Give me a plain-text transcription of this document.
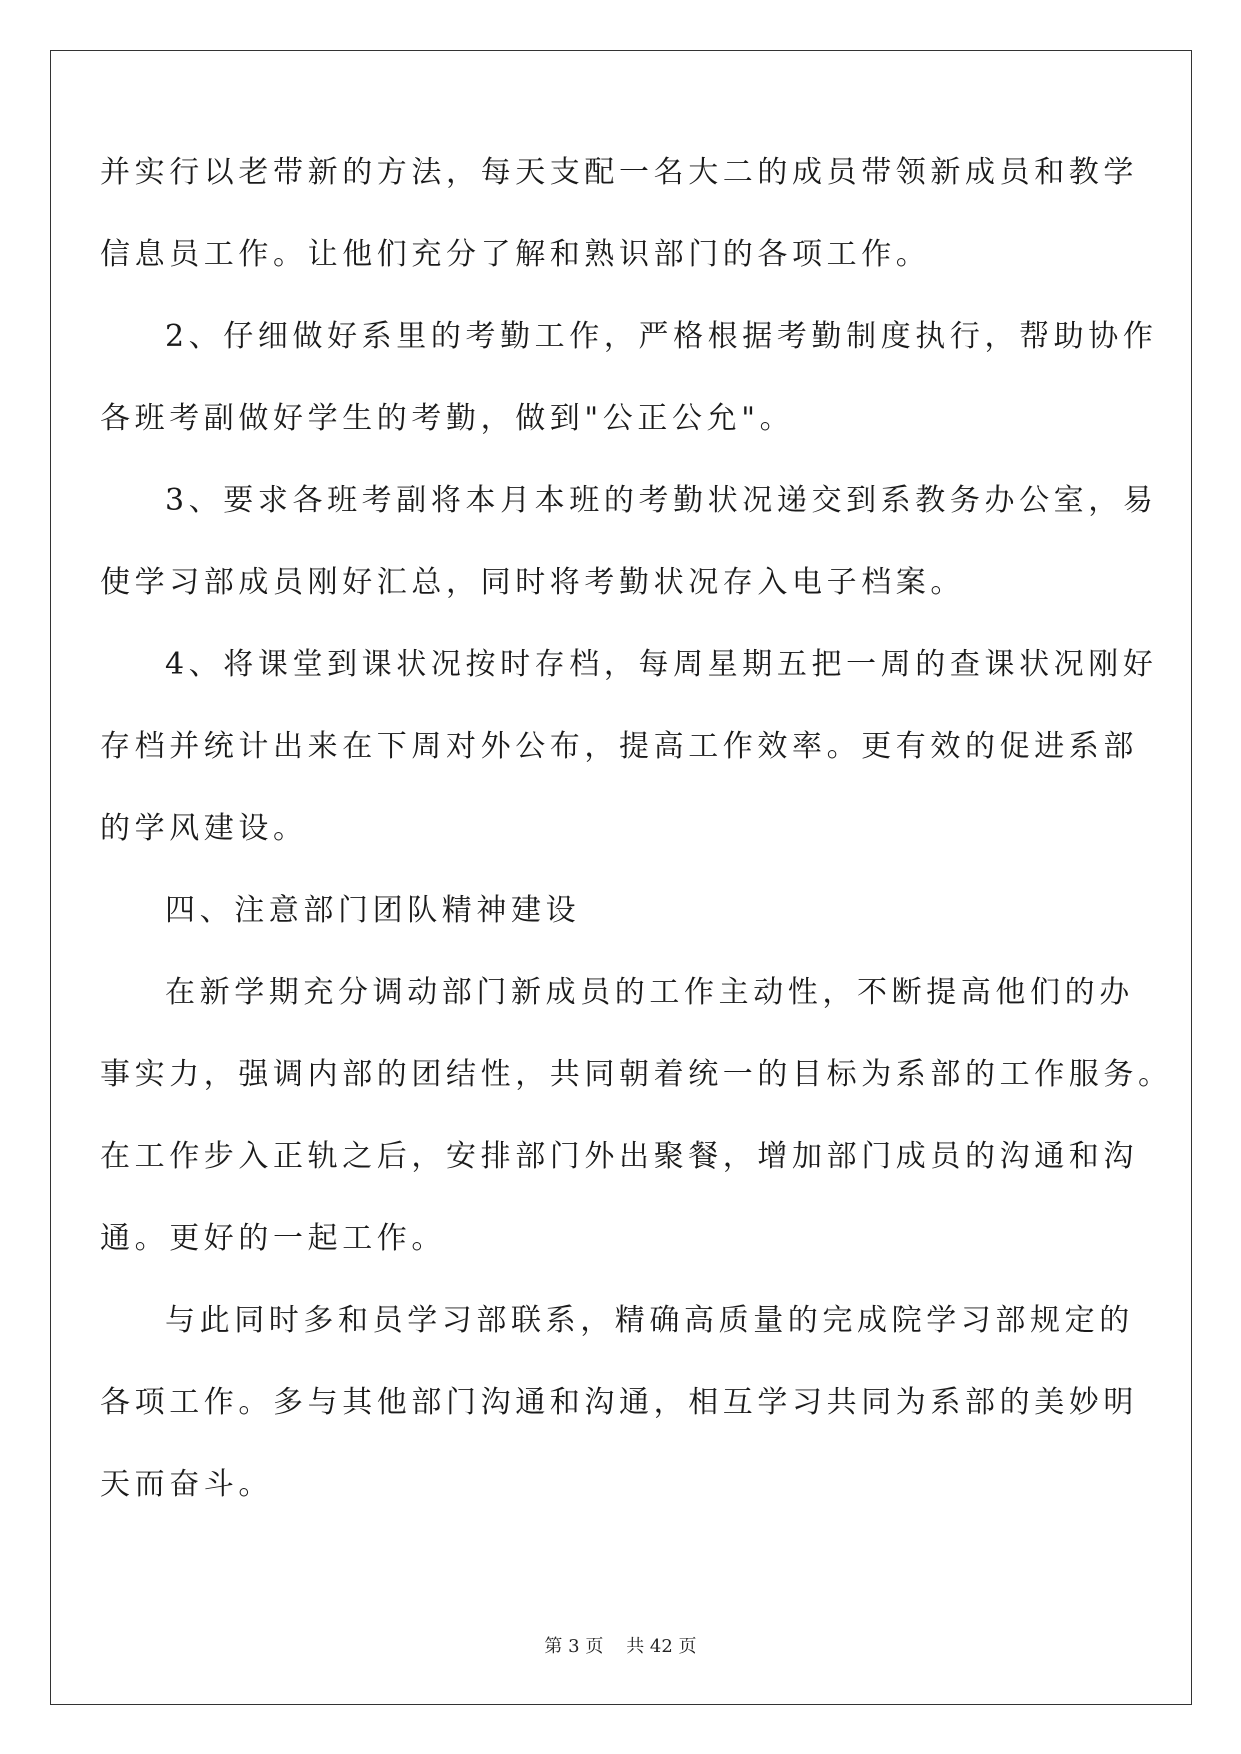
并实行以老带新的方法，每天支配一名大二的成员带领新成员和教学
信息员工作。让他们充分了解和熟识部门的各项工作。
2、仔细做好系里的考勤工作，严格根据考勤制度执行，帮助协作
各班考副做好学生的考勤，做到"公正公允"。
3、要求各班考副将本月本班的考勤状况递交到系教务办公室，易
使学习部成员刚好汇总，同时将考勤状况存入电子档案。
4、将课堂到课状况按时存档，每周星期五把一周的查课状况刚好
存档并统计出来在下周对外公布，提高工作效率。更有效的促进系部
的学风建设。
四、注意部门团队精神建设
在新学期充分调动部门新成员的工作主动性，不断提高他们的办
事实力，强调内部的团结性，共同朝着统一的目标为系部的工作服务。
在工作步入正轨之后，安排部门外出聚餐，增加部门成员的沟通和沟
通。更好的一起工作。
与此同时多和员学习部联系，精确高质量的完成院学习部规定的
各项工作。多与其他部门沟通和沟通，相互学习共同为系部的美妙明
天而奋斗。
第 3 页    共 42 页
